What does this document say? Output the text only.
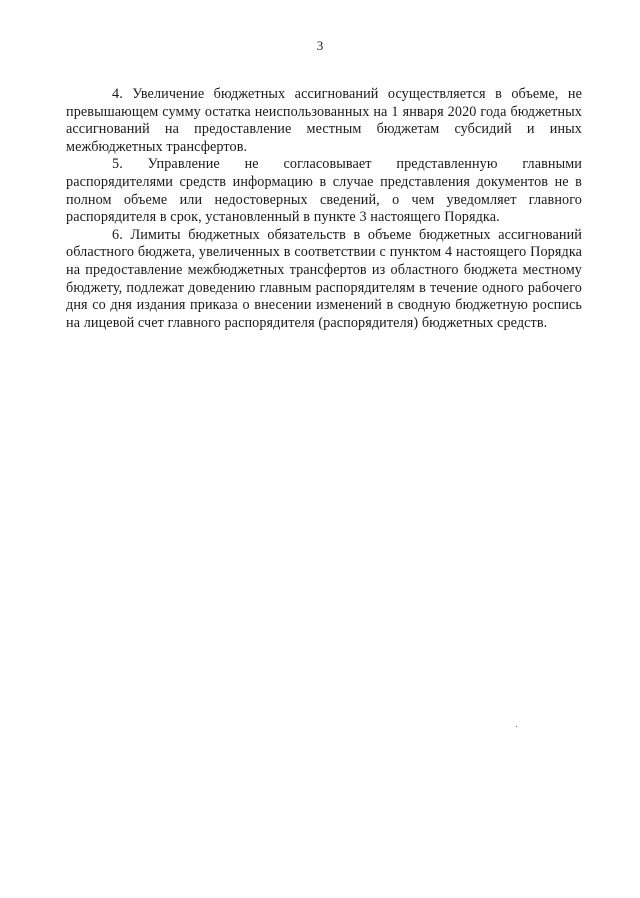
3

4. Увеличение бюджетных ассигнований осуществляется в объеме, не превышающем сумму остатка неиспользованных на 1 января 2020 года бюджетных ассигнований на предоставление местным бюджетам субсидий и иных межбюджетных трансфертов.

5. Управление не согласовывает представленную главными распорядителями средств информацию в случае представления документов не в полном объеме или недостоверных сведений, о чем уведомляет главного распорядителя в срок, установленный в пункте 3 настоящего Порядка.

6. Лимиты бюджетных обязательств в объеме бюджетных ассигнований областного бюджета, увеличенных в соответствии с пунктом 4 настоящего Порядка на предоставление межбюджетных трансфертов из областного бюджета местному бюджету, подлежат доведению главным распорядителям в течение одного рабочего дня со дня издания приказа о внесении изменений в сводную бюджетную роспись на лицевой счет главного распорядителя (распорядителя) бюджетных средств.
